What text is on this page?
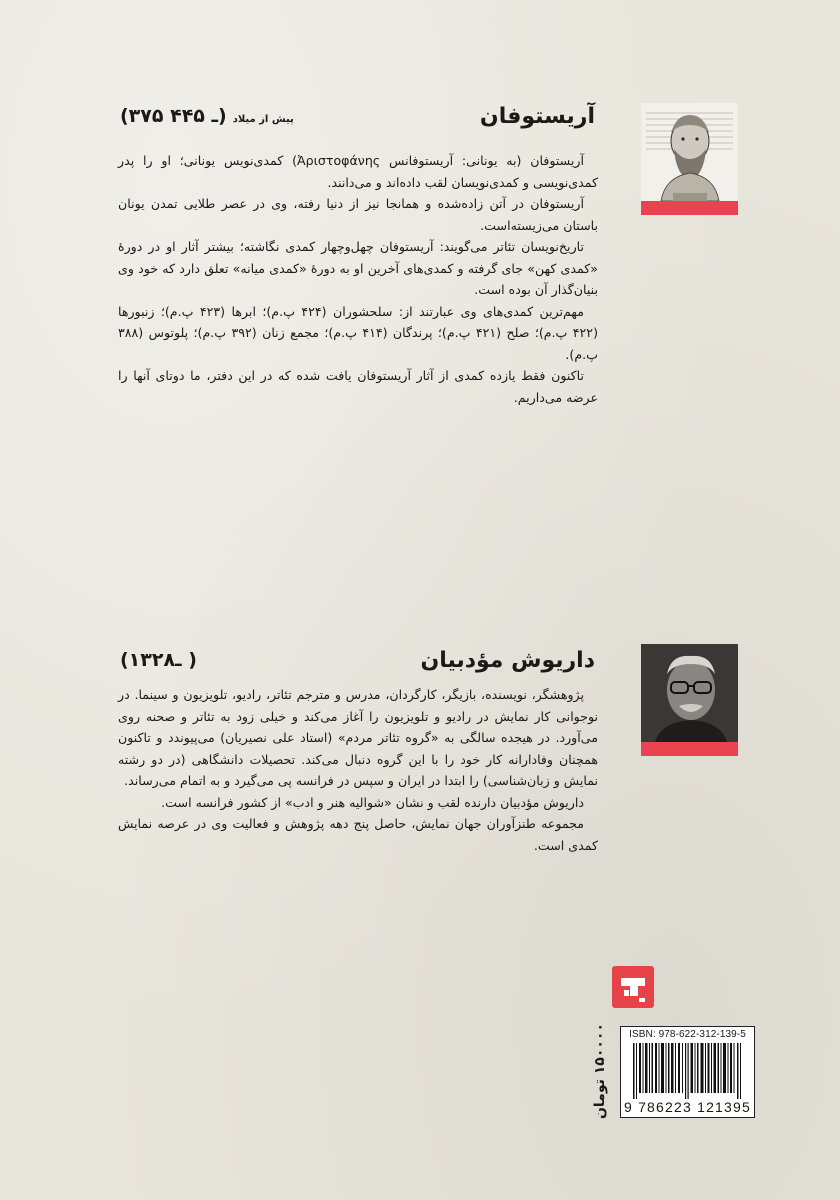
آریستوفان
(۳۷۵ ـ ۴۴۵) پیش از میلاد

آریستوفان (به یونانی: آریستوفانس Ἀριστοφάνης) کمدی‌نویس یونانی؛ او را پدر کمدی‌نویسی و کمدی‌نویسان لقب داده‌اند و می‌دانند.

آریستوفان در آتن زاده‌شده و همانجا نیز از دنیا رفته، وی در عصر طلایی تمدن یونان باستان می‌زیسته‌است.

تاریخ‌نویسان تئاتر می‌گویند: آریستوفان چهل‌وچهار کمدی نگاشته؛ بیشتر آثار او در دورهٔ «کمدی کهن» جای گرفته و کمدی‌های آخرین او به دورهٔ «کمدی میانه» تعلق دارد که خود وی بنیان‌گذار آن بوده است.

مهم‌ترین کمدی‌های وی عبارتند از: سلحشوران (۴۲۴ پ.م)؛ ابرها (۴۲۳ پ.م)؛ زنبورها (۴۲۲ پ.م)؛ صلح (۴۲۱ پ.م)؛ پرندگان (۴۱۴ پ.م)؛ مجمع زنان (۳۹۲ پ.م)؛ پلوتوس (۳۸۸ پ.م).

تاکنون فقط یازده کمدی از آثار آریستوفان یافت شده که در این دفتر، ما دوتای آنها را عرضه می‌داریم.

داریوش مؤدبیان
(۱۳۲۸ـ )

پژوهشگر، نویسنده، بازیگر، کارگردان، مدرس و مترجم تئاتر، رادیو، تلویزیون و سینما. در نوجوانی کار نمایش در رادیو و تلویزیون را آغاز می‌کند و خیلی زود به تئاتر و صحنه روی می‌آورد. در هیجده سالگی به «گروه تئاتر مردم» (استاد علی نصیریان) می‌پیوندد و تاکنون همچنان وفادارانه کار خود را با این گروه دنبال می‌کند. تحصیلات دانشگاهی (در دو رشته نمایش و زبان‌شناسی) را ابتدا در ایران و سپس در فرانسه پی می‌گیرد و به اتمام می‌رساند.

داریوش مؤدبیان دارنده لقب و نشان «شوالیه هنر و ادب» از کشور فرانسه است.

مجموعه طنزآوران جهان نمایش، حاصل پنج دهه پژوهش و فعالیت وی در عرصه نمایش کمدی است.

۱۵۰۰۰۰ تومان	ISBN: 978-622-312-139-5
9 786223 121395
